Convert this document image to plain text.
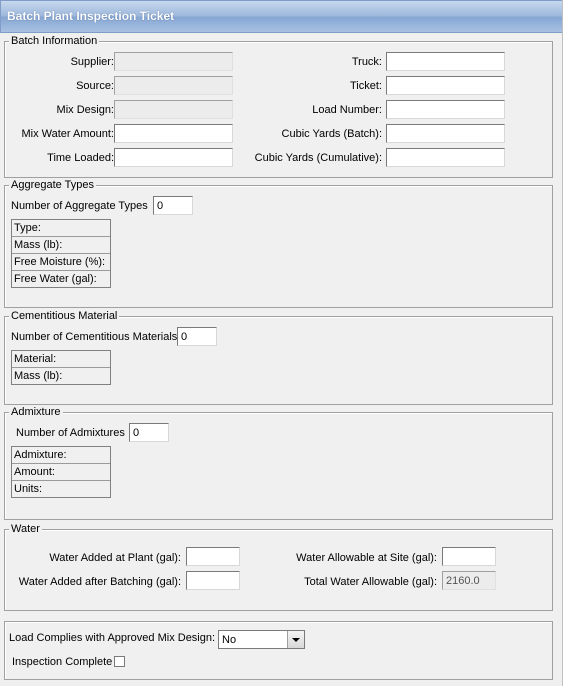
Batch Plant Inspection Ticket
Batch Information
Supplier:
Source:
Mix Design:
Mix Water Amount:
Time Loaded:
Truck:
Ticket:
Load Number:
Cubic Yards (Batch):
Cubic Yards (Cumulative):
Aggregate Types
Number of Aggregate Types
0
Type:
Mass (lb):
Free Moisture (%):
Free Water (gal):
Cementitious Material
Number of Cementitious Materials
0
Material:
Mass (lb):
Admixture
Number of Admixtures
0
Admixture:
Amount:
Units:
Water
Water Added at Plant (gal):
Water Added after Batching (gal):
Water Allowable at Site (gal):
Total Water Allowable (gal):
2160.0
Load Complies with Approved Mix Design: No
Inspection Complete
